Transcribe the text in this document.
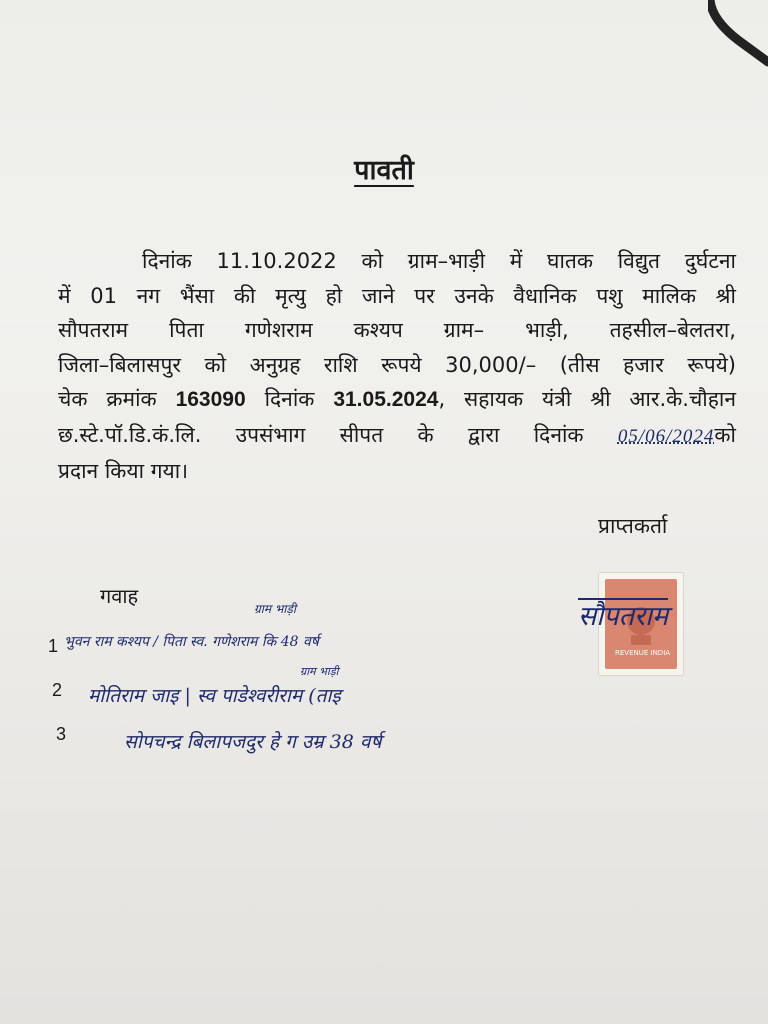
पावती
दिनांक 11.10.2022 को ग्राम–भाड़ी में घातक विद्युत दुर्घटना
में 01 नग भैंसा की मृत्यु हो जाने पर उनके वैधानिक पशु मालिक श्री
सौपतराम पिता गणेशराम कश्यप ग्राम– भाड़ी, तहसील–बेलतरा,
जिला–बिलासपुर को अनुग्रह राशि रूपये 30,000/– (तीस हजार रूपये)
चेक क्रमांक 163090 दिनांक 31.05.2024, सहायक यंत्री श्री आर.के.चौहान
छ.स्टे.पॉ.डि.कं.लि. उपसंभाग सीपत के द्वारा दिनांक 05/06/2024को
प्रदान किया गया।
प्राप्तकर्ता
REVENUE INDIA
सौपतराम
गवाह
1
ग्राम भाड़ी
भुवन राम कश्यप / पिता स्व. गणेशराम कि 48 वर्ष
2
ग्राम भाड़ी
मोतिराम जाइ | स्व पाडेश्वरीराम (ताइ
3	सोपचन्द्र बिलापजदुर हे ग उम्र 38 वर्ष
